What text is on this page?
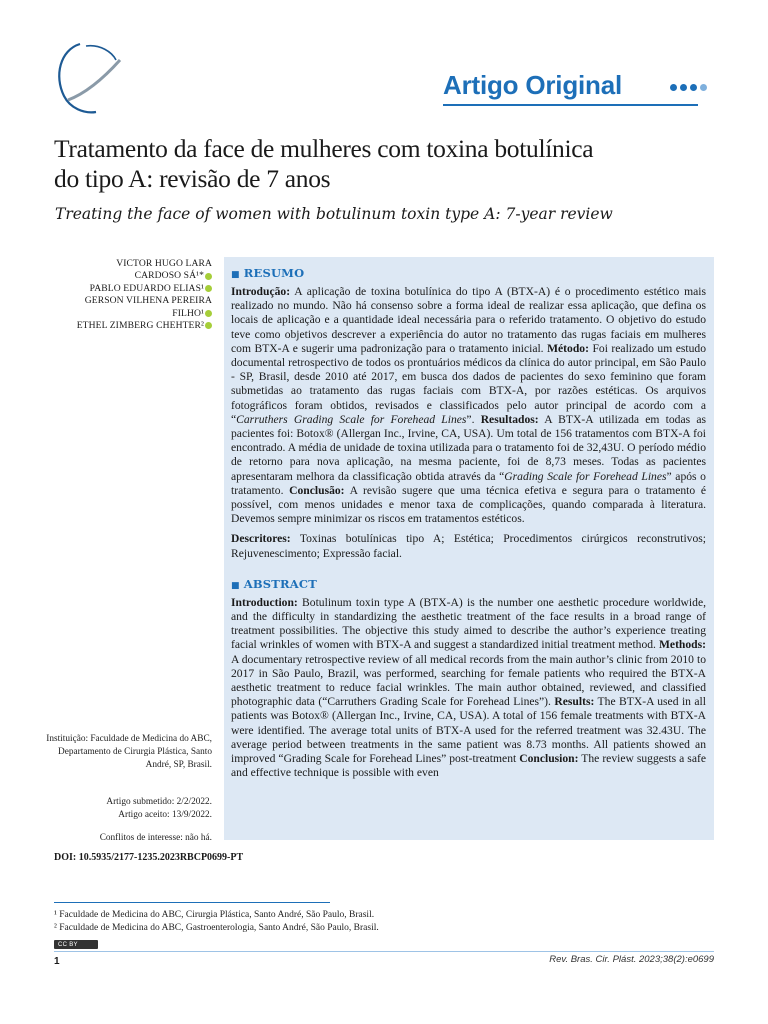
Artigo Original
Tratamento da face de mulheres com toxina botulínica
do tipo A: revisão de 7 anos
Treating the face of women with botulinum toxin type A: 7-year review
VICTOR HUGO LARA
CARDOSO SÁ¹*
PABLO EDUARDO ELIAS¹
GERSON VILHENA PEREIRA
FILHO¹
ETHEL ZIMBERG CHEHTER²
Instituição: Faculdade de Medicina do ABC, Departamento de Cirurgia Plástica, Santo André, SP, Brasil.
Artigo submetido: 2/2/2022.
Artigo aceito: 13/9/2022.
Conflitos de interesse: não há.
■ RESUMO

Introdução: A aplicação de toxina botulínica do tipo A (BTX-A) é o procedimento estético mais realizado no mundo. Não há consenso sobre a forma ideal de realizar essa aplicação, que defina os locais de aplicação e a quantidade ideal necessária para o referido tratamento. O objetivo do estudo teve como objetivos descrever a experiência do autor no tratamento das rugas faciais em mulheres com BTX-A e sugerir uma padronização para o tratamento inicial. Método: Foi realizado um estudo documental retrospectivo de todos os prontuários médicos da clínica do autor principal, em São Paulo - SP, Brasil, desde 2010 até 2017, em busca dos dados de pacientes do sexo feminino que foram submetidas ao tratamento das rugas faciais com BTX-A, por razões estéticas. Os arquivos fotográficos foram obtidos, revisados e classificados pelo autor principal de acordo com a “Carruthers Grading Scale for Forehead Lines”. Resultados: A BTX-A utilizada em todas as pacientes foi: Botox® (Allergan Inc., Irvine, CA, USA). Um total de 156 tratamentos com BTX-A foi encontrado. A média de unidade de toxina utilizada para o tratamento foi de 32,43U. O período médio de retorno para nova aplicação, na mesma paciente, foi de 8,73 meses. Todas as pacientes apresentaram melhora da classificação obtida através da “Grading Scale for Forehead Lines” após o tratamento. Conclusão: A revisão sugere que uma técnica efetiva e segura para o tratamento é possível, com menos unidades e menor taxa de complicações, quando comparada à literatura. Devemos sempre minimizar os riscos em tratamentos estéticos.

Descritores: Toxinas botulínicas tipo A; Estética; Procedimentos cirúrgicos reconstrutivos; Rejuvenescimento; Expressão facial.

■ ABSTRACT

Introduction: Botulinum toxin type A (BTX-A) is the number one aesthetic procedure worldwide, and the difficulty in standardizing the aesthetic treatment of the face results in a broad range of treatment possibilities. The objective this study aimed to describe the author’s experience treating facial wrinkles of women with BTX-A and suggest a standardized initial treatment method. Methods: A documentary retrospective review of all medical records from the main author’s clinic from 2010 to 2017 in São Paulo, Brazil, was performed, searching for female patients who required the BTX-A aesthetic treatment to reduce facial wrinkles. The main author obtained, reviewed, and classified photographic data (“Carruthers Grading Scale for Forehead Lines”). Results: The BTX-A used in all patients was Botox® (Allergan Inc., Irvine, CA, USA). A total of 156 female treatments with BTX-A were identified. The average total units of BTX-A used for the referred treatment was 32.43U. The average period between treatments in the same patient was 8.73 months. All patients showed an improved “Grading Scale for Forehead Lines” post-treatment Conclusion: The review suggests a safe and effective technique is possible with even

DOI: 10.5935/2177-1235.2023RBCP0699-PT
¹ Faculdade de Medicina do ABC, Cirurgia Plástica, Santo André, São Paulo, Brasil.
² Faculdade de Medicina do ABC, Gastroenterologia, Santo André, São Paulo, Brasil.
CC BY
1	Rev. Bras. Cir. Plást. 2023;38(2):e0699
